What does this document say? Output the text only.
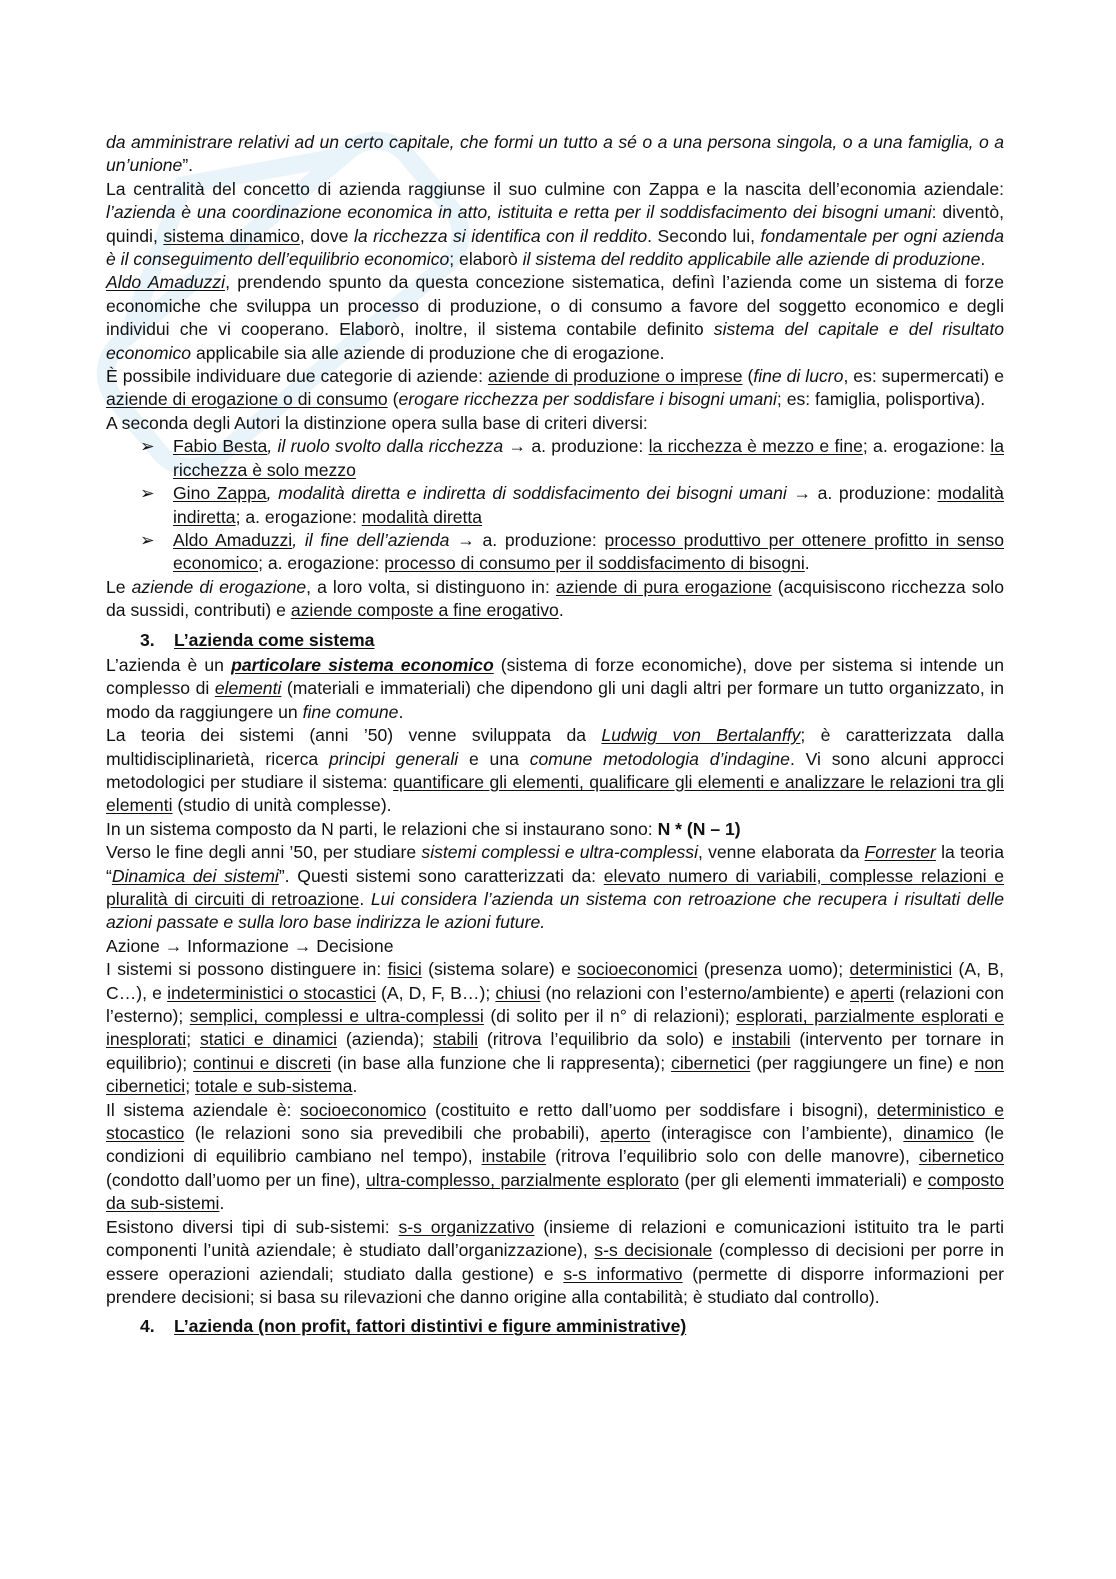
da amministrare relativi ad un certo capitale, che formi un tutto a sé o a una persona singola, o a una famiglia, o a un’unione”.

La centralità del concetto di azienda raggiunse il suo culmine con Zappa e la nascita dell’economia aziendale: l’azienda è una coordinazione economica in atto, istituita e retta per il soddisfacimento dei bisogni umani: diventò, quindi, sistema dinamico, dove la ricchezza si identifica con il reddito. Secondo lui, fondamentale per ogni azienda è il conseguimento dell’equilibrio economico; elaborò il sistema del reddito applicabile alle aziende di produzione.

Aldo Amaduzzi, prendendo spunto da questa concezione sistematica, definì l’azienda come un sistema di forze economiche che sviluppa un processo di produzione, o di consumo a favore del soggetto economico e degli individui che vi cooperano. Elaborò, inoltre, il sistema contabile definito sistema del capitale e del risultato economico applicabile sia alle aziende di produzione che di erogazione.

È possibile individuare due categorie di aziende: aziende di produzione o imprese (fine di lucro, es: supermercati) e aziende di erogazione o di consumo (erogare ricchezza per soddisfare i bisogni umani; es: famiglia, polisportiva).

A seconda degli Autori la distinzione opera sulla base di criteri diversi:

➢ Fabio Besta, il ruolo svolto dalla ricchezza → a. produzione: la ricchezza è mezzo e fine; a. erogazione: la ricchezza è solo mezzo
➢ Gino Zappa, modalità diretta e indiretta di soddisfacimento dei bisogni umani → a. produzione: modalità indiretta; a. erogazione: modalità diretta
➢ Aldo Amaduzzi, il fine dell’azienda → a. produzione: processo produttivo per ottenere profitto in senso economico; a. erogazione: processo di consumo per il soddisfacimento di bisogni.

Le aziende di erogazione, a loro volta, si distinguono in: aziende di pura erogazione (acquisiscono ricchezza solo da sussidi, contributi) e aziende composte a fine erogativo.

3. L’azienda come sistema

L’azienda è un particolare sistema economico (sistema di forze economiche), dove per sistema si intende un complesso di elementi (materiali e immateriali) che dipendono gli uni dagli altri per formare un tutto organizzato, in modo da raggiungere un fine comune.

La teoria dei sistemi (anni ’50) venne sviluppata da Ludwig von Bertalanffy; è caratterizzata dalla multidisciplinarietà, ricerca principi generali e una comune metodologia d’indagine. Vi sono alcuni approcci metodologici per studiare il sistema: quantificare gli elementi, qualificare gli elementi e analizzare le relazioni tra gli elementi (studio di unità complesse).

In un sistema composto da N parti, le relazioni che si instaurano sono: N * (N – 1)

Verso le fine degli anni ’50, per studiare sistemi complessi e ultra-complessi, venne elaborata da Forrester la teoria “Dinamica dei sistemi”. Questi sistemi sono caratterizzati da: elevato numero di variabili, complesse relazioni e pluralità di circuiti di retroazione. Lui considera l’azienda un sistema con retroazione che recupera i risultati delle azioni passate e sulla loro base indirizza le azioni future.

Azione → Informazione → Decisione

I sistemi si possono distinguere in: fisici (sistema solare) e socioeconomici (presenza uomo); deterministici (A, B, C…), e indeterministici o stocastici (A, D, F, B…); chiusi (no relazioni con l’esterno/ambiente) e aperti (relazioni con l’esterno); semplici, complessi e ultra-complessi (di solito per il n° di relazioni); esplorati, parzialmente esplorati e inesplorati; statici e dinamici (azienda); stabili (ritrova l’equilibrio da solo) e instabili (intervento per tornare in equilibrio); continui e discreti (in base alla funzione che li rappresenta); cibernetici (per raggiungere un fine) e non cibernetici; totale e sub-sistema.

Il sistema aziendale è: socioeconomico (costituito e retto dall’uomo per soddisfare i bisogni), deterministico e stocastico (le relazioni sono sia prevedibili che probabili), aperto (interagisce con l’ambiente), dinamico (le condizioni di equilibrio cambiano nel tempo), instabile (ritrova l’equilibrio solo con delle manovre), cibernetico (condotto dall’uomo per un fine), ultra-complesso, parzialmente esplorato (per gli elementi immateriali) e composto da sub-sistemi.

Esistono diversi tipi di sub-sistemi: s-s organizzativo (insieme di relazioni e comunicazioni istituito tra le parti componenti l’unità aziendale; è studiato dall’organizzazione), s-s decisionale (complesso di decisioni per porre in essere operazioni aziendali; studiato dalla gestione) e s-s informativo (permette di disporre informazioni per prendere decisioni; si basa su rilevazioni che danno origine alla contabilità; è studiato dal controllo).

4. L’azienda (non profit, fattori distintivi e figure amministrative)
